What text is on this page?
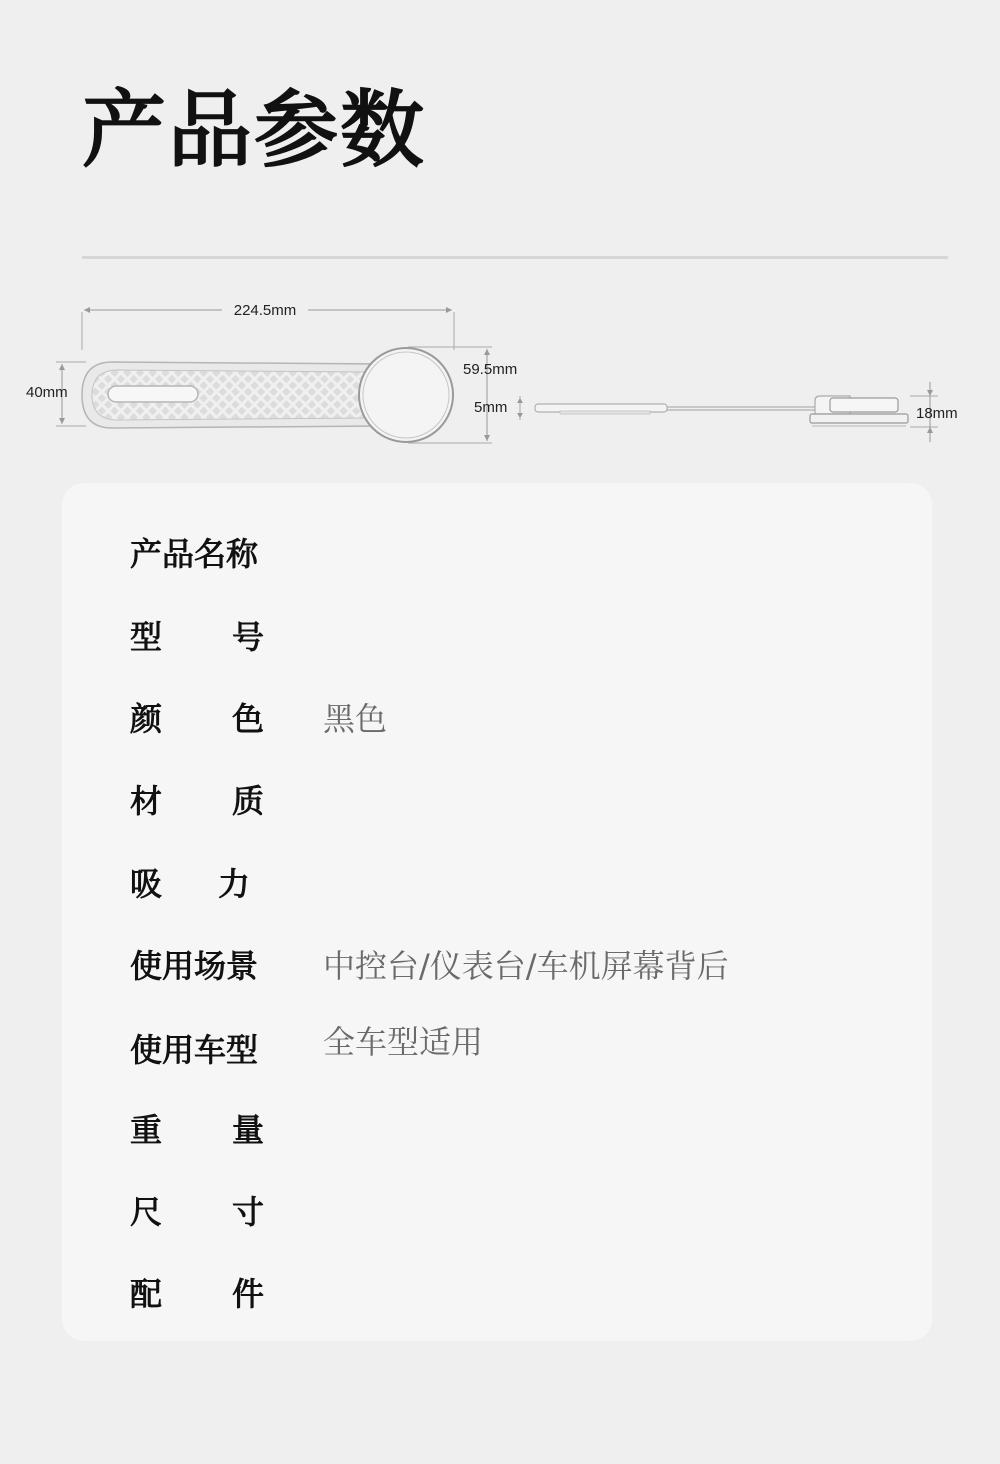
产品参数
224.5mm
40mm
59.5mm
5mm	18mm
产品名称
型 号
颜 色 黑色
材 质
吸 力
使用场景 中控台/仪表台/车机屏幕背后
使用车型 全车型适用
重 量
尺 寸
配 件
